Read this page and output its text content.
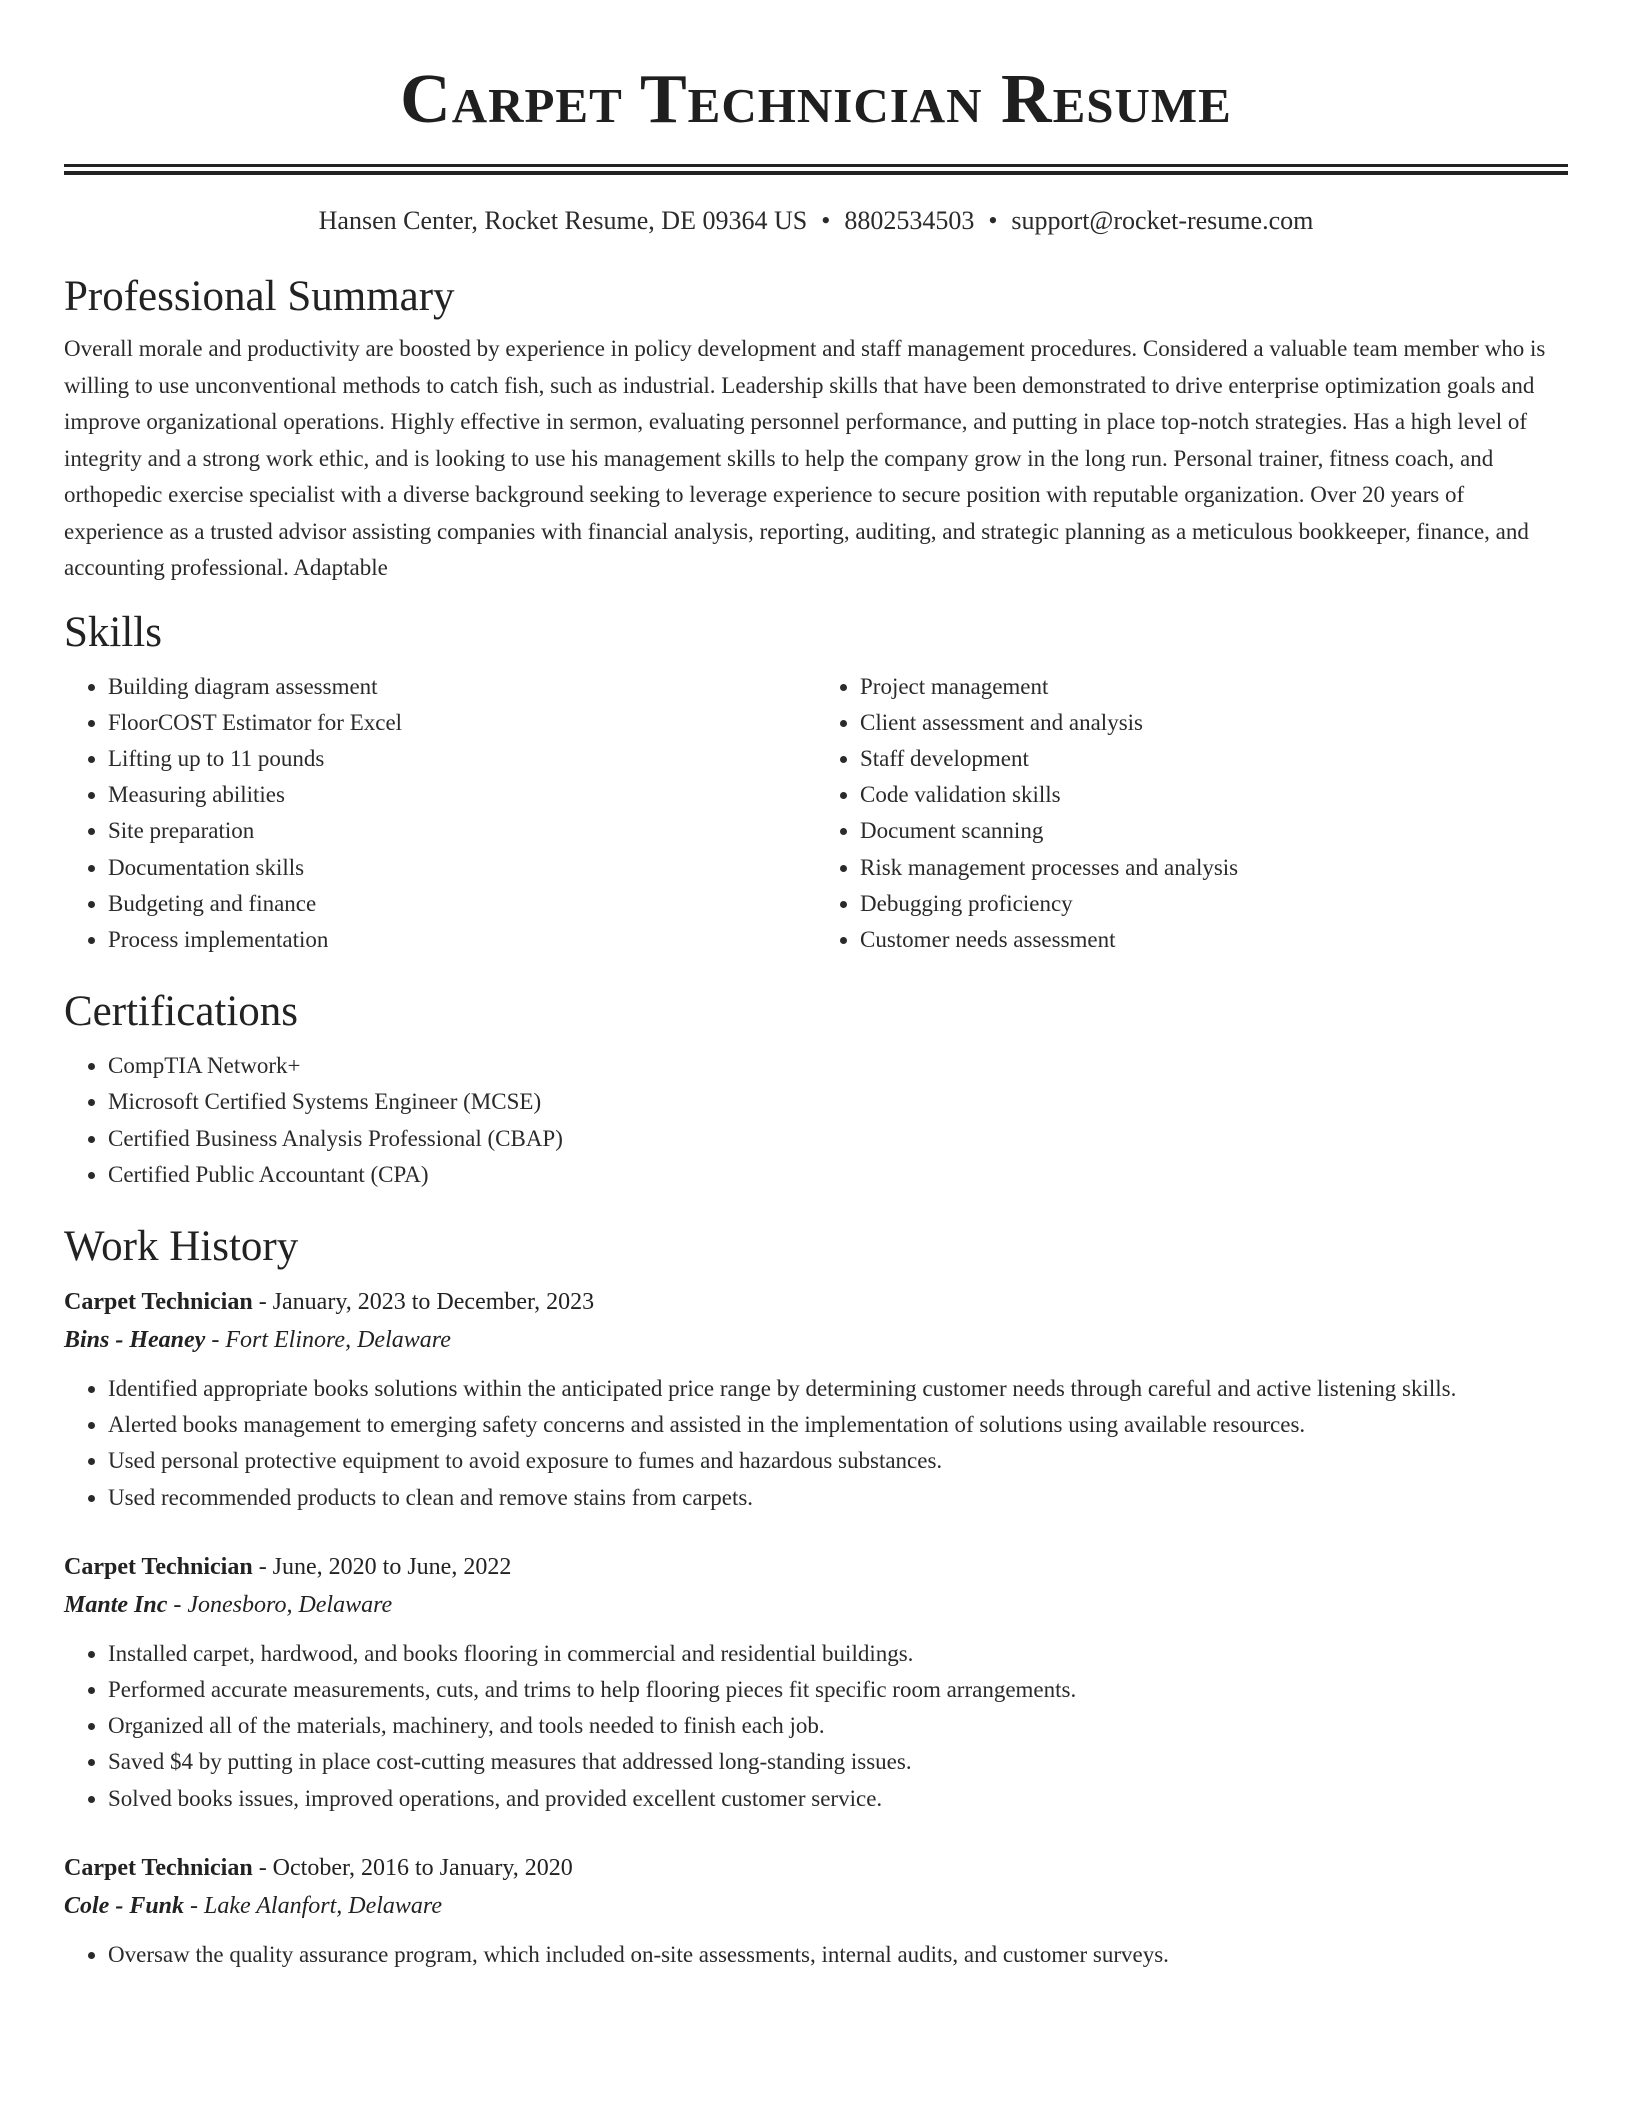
Carpet Technician Resume
Hansen Center, Rocket Resume, DE 09364 US • 8802534503 • support@rocket-resume.com
Professional Summary

Overall morale and productivity are boosted by experience in policy development and staff management procedures. Considered a valuable team member who is willing to use unconventional methods to catch fish, such as industrial. Leadership skills that have been demonstrated to drive enterprise optimization goals and improve organizational operations. Highly effective in sermon, evaluating personnel performance, and putting in place top-notch strategies. Has a high level of integrity and a strong work ethic, and is looking to use his management skills to help the company grow in the long run. Personal trainer, fitness coach, and orthopedic exercise specialist with a diverse background seeking to leverage experience to secure position with reputable organization. Over 20 years of experience as a trusted advisor assisting companies with financial analysis, reporting, auditing, and strategic planning as a meticulous bookkeeper, finance, and accounting professional. Adaptable

Skills
• Building diagram assessment
• FloorCOST Estimator for Excel
• Lifting up to 11 pounds
• Measuring abilities
• Site preparation
• Documentation skills
• Budgeting and finance
• Process implementation
• Project management
• Client assessment and analysis
• Staff development
• Code validation skills
• Document scanning
• Risk management processes and analysis
• Debugging proficiency
• Customer needs assessment
Certifications
• CompTIA Network+
• Microsoft Certified Systems Engineer (MCSE)
• Certified Business Analysis Professional (CBAP)
• Certified Public Accountant (CPA)
Work History
Carpet Technician - January, 2023 to December, 2023
Bins - Heaney - Fort Elinore, Delaware
• Identified appropriate books solutions within the anticipated price range by determining customer needs through careful and active listening skills.
• Alerted books management to emerging safety concerns and assisted in the implementation of solutions using available resources.
• Used personal protective equipment to avoid exposure to fumes and hazardous substances.
• Used recommended products to clean and remove stains from carpets.
Carpet Technician - June, 2020 to June, 2022
Mante Inc - Jonesboro, Delaware
• Installed carpet, hardwood, and books flooring in commercial and residential buildings.
• Performed accurate measurements, cuts, and trims to help flooring pieces fit specific room arrangements.
• Organized all of the materials, machinery, and tools needed to finish each job.
• Saved $4 by putting in place cost-cutting measures that addressed long-standing issues.
• Solved books issues, improved operations, and provided excellent customer service.
Carpet Technician - October, 2016 to January, 2020
Cole - Funk - Lake Alanfort, Delaware
• Oversaw the quality assurance program, which included on-site assessments, internal audits, and customer surveys.
